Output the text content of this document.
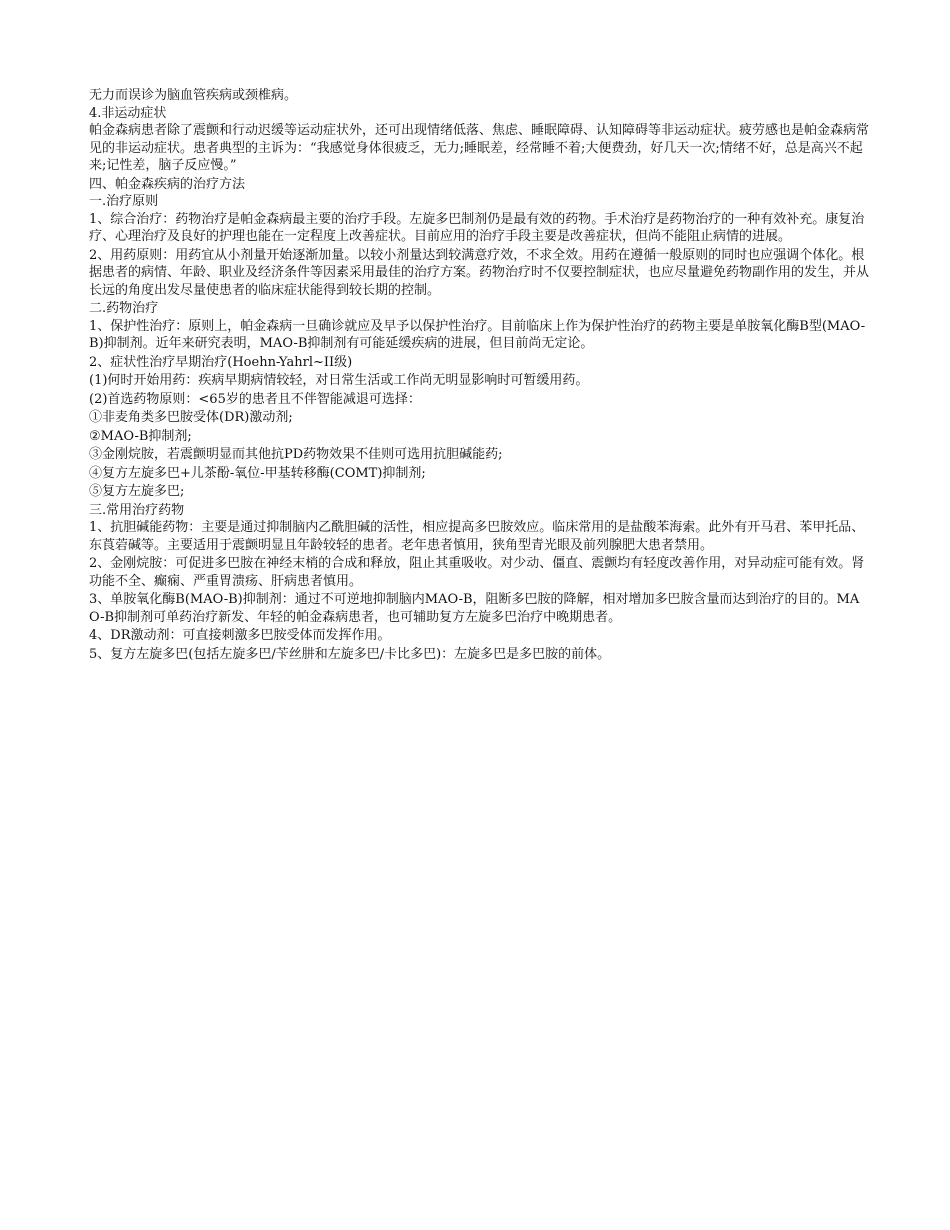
无力而误诊为脑血管疾病或颈椎病。

4.非运动症状

帕金森病患者除了震颤和行动迟缓等运动症状外，还可出现情绪低落、焦虑、睡眠障碍、认知障碍等非运动症状。疲劳感也是帕金森病常见的非运动症状。患者典型的主诉为：“我感觉身体很疲乏，无力;睡眠差，经常睡不着;大便费劲，好几天一次;情绪不好，总是高兴不起来;记性差，脑子反应慢。”

四、帕金森疾病的治疗方法

一.治疗原则

1、综合治疗：药物治疗是帕金森病最主要的治疗手段。左旋多巴制剂仍是最有效的药物。手术治疗是药物治疗的一种有效补充。康复治疗、心理治疗及良好的护理也能在一定程度上改善症状。目前应用的治疗手段主要是改善症状，但尚不能阻止病情的进展。

2、用药原则：用药宜从小剂量开始逐渐加量。以较小剂量达到较满意疗效，不求全效。用药在遵循一般原则的同时也应强调个体化。根据患者的病情、年龄、职业及经济条件等因素采用最佳的治疗方案。药物治疗时不仅要控制症状，也应尽量避免药物副作用的发生，并从长远的角度出发尽量使患者的临床症状能得到较长期的控制。

二.药物治疗

1、保护性治疗：原则上，帕金森病一旦确诊就应及早予以保护性治疗。目前临床上作为保护性治疗的药物主要是单胺氧化酶B型(MAO-B)抑制剂。近年来研究表明，MAO-B抑制剂有可能延缓疾病的进展，但目前尚无定论。

2、症状性治疗早期治疗(Hoehn-Yahrl~II级)

(1)何时开始用药：疾病早期病情较轻，对日常生活或工作尚无明显影响时可暂缓用药。

(2)首选药物原则：<65岁的患者且不伴智能减退可选择：

①非麦角类多巴胺受体(DR)激动剂;

②MAO-B抑制剂;

③金刚烷胺，若震颤明显而其他抗PD药物效果不佳则可选用抗胆碱能药;

④复方左旋多巴+儿茶酚-氧位-甲基转移酶(COMT)抑制剂;

⑤复方左旋多巴;

三.常用治疗药物

1、抗胆碱能药物：主要是通过抑制脑内乙酰胆碱的活性，相应提高多巴胺效应。临床常用的是盐酸苯海索。此外有开马君、苯甲托品、东莨菪碱等。主要适用于震颤明显且年龄较轻的患者。老年患者慎用，狭角型青光眼及前列腺肥大患者禁用。

2、金刚烷胺：可促进多巴胺在神经末梢的合成和释放，阻止其重吸收。对少动、僵直、震颤均有轻度改善作用，对异动症可能有效。肾功能不全、癫痫、严重胃溃疡、肝病患者慎用。

3、单胺氧化酶B(MAO-B)抑制剂：通过不可逆地抑制脑内MAO-B，阻断多巴胺的降解，相对增加多巴胺含量而达到治疗的目的。MAO-B抑制剂可单药治疗新发、年轻的帕金森病患者，也可辅助复方左旋多巴治疗中晚期患者。

4、DR激动剂：可直接刺激多巴胺受体而发挥作用。

5、复方左旋多巴(包括左旋多巴/苄丝肼和左旋多巴/卡比多巴)：左旋多巴是多巴胺的前体。
